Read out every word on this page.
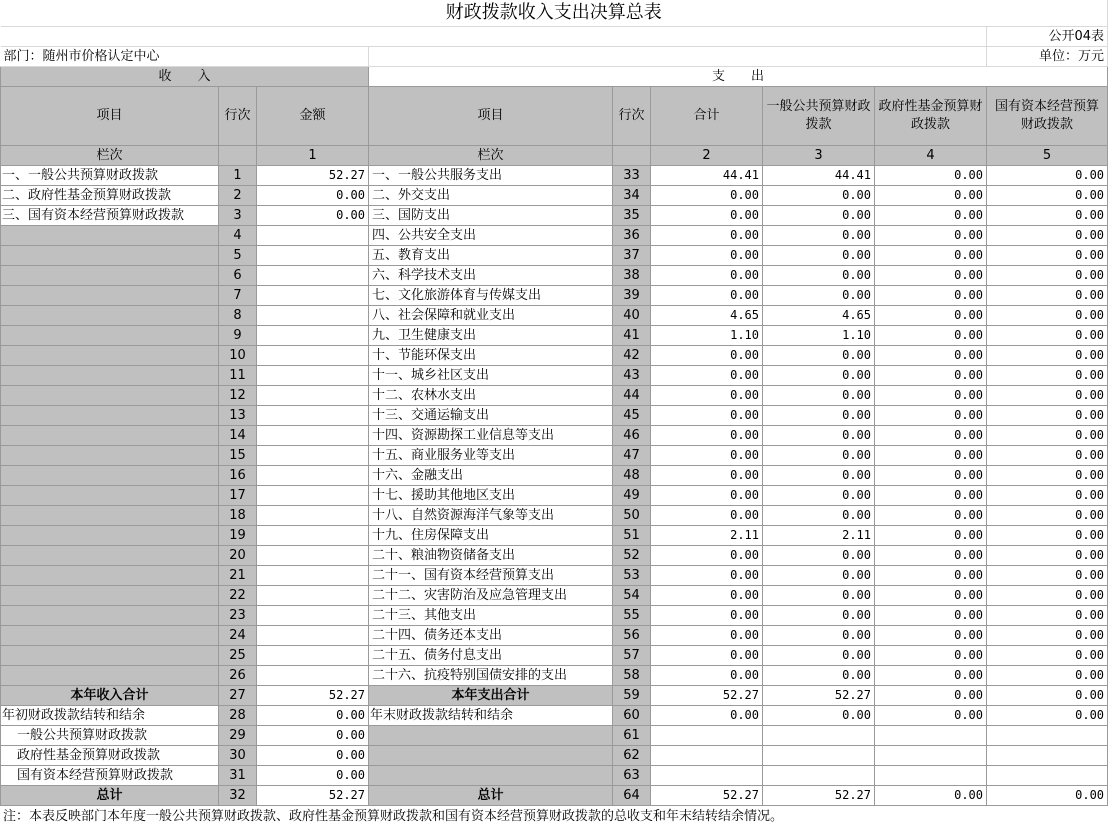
财政拨款收入支出决算总表								
								公开04表
部门：随州市价格认定中心								单位：万元
收　　入			支　　出					
项目	行次	金额	项目	行次	合计	一般公共预算财政拨款	政府性基金预算财政拨款	国有资本经营预算财政拨款
栏次		1	栏次		2	3	4	5
一、一般公共预算财政拨款	1	52.27	一、一般公共服务支出	33	44.41	44.41	0.00	0.00
二、政府性基金预算财政拨款	2	0.00	二、外交支出	34	0.00	0.00	0.00	0.00
三、国有资本经营预算财政拨款	3	0.00	三、国防支出	35	0.00	0.00	0.00	0.00
	4		四、公共安全支出	36	0.00	0.00	0.00	0.00
	5		五、教育支出	37	0.00	0.00	0.00	0.00
	6		六、科学技术支出	38	0.00	0.00	0.00	0.00
	7		七、文化旅游体育与传媒支出	39	0.00	0.00	0.00	0.00
	8		八、社会保障和就业支出	40	4.65	4.65	0.00	0.00
	9		九、卫生健康支出	41	1.10	1.10	0.00	0.00
	10		十、节能环保支出	42	0.00	0.00	0.00	0.00
	11		十一、城乡社区支出	43	0.00	0.00	0.00	0.00
	12		十二、农林水支出	44	0.00	0.00	0.00	0.00
	13		十三、交通运输支出	45	0.00	0.00	0.00	0.00
	14		十四、资源勘探工业信息等支出	46	0.00	0.00	0.00	0.00
	15		十五、商业服务业等支出	47	0.00	0.00	0.00	0.00
	16		十六、金融支出	48	0.00	0.00	0.00	0.00
	17		十七、援助其他地区支出	49	0.00	0.00	0.00	0.00
	18		十八、自然资源海洋气象等支出	50	0.00	0.00	0.00	0.00
	19		十九、住房保障支出	51	2.11	2.11	0.00	0.00
	20		二十、粮油物资储备支出	52	0.00	0.00	0.00	0.00
	21		二十一、国有资本经营预算支出	53	0.00	0.00	0.00	0.00
	22		二十二、灾害防治及应急管理支出	54	0.00	0.00	0.00	0.00
	23		二十三、其他支出	55	0.00	0.00	0.00	0.00
	24		二十四、债务还本支出	56	0.00	0.00	0.00	0.00
	25		二十五、债务付息支出	57	0.00	0.00	0.00	0.00
	26		二十六、抗疫特别国债安排的支出	58	0.00	0.00	0.00	0.00
本年收入合计	27	52.27	本年支出合计	59	52.27	52.27	0.00	0.00
年初财政拨款结转和结余	28	0.00	年末财政拨款结转和结余	60	0.00	0.00	0.00	0.00
一般公共预算财政拨款	29	0.00		61				
政府性基金预算财政拨款	30	0.00		62				
国有资本经营预算财政拨款	31	0.00		63				
总计	32	52.27	总计	64	52.27	52.27	0.00	0.00
注：本表反映部门本年度一般公共预算财政拨款、政府性基金预算财政拨款和国有资本经营预算财政拨款的总收支和年末结转结余情况。
